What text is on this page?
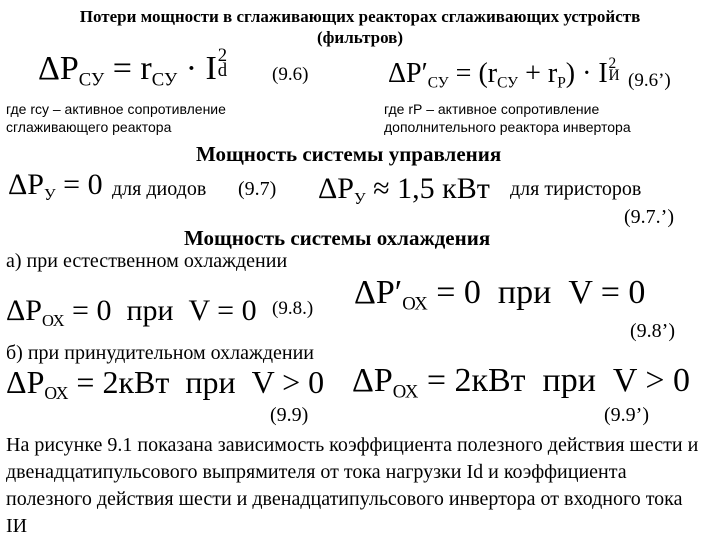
Потери мощности в сглаживающих реакторах сглаживающих устройств
(фильтров)
$\Delta P_{СУ} = r_{СУ} \cdot I$ 2
d
(9.6)	$\Delta P'_{СУ} = (r_{СУ} + r_Р) \cdot I$ 2
И
(9.6’)
где rсу – активное сопротивление
сглаживающего реактора
где rР – активное сопротивление
дополнительного реактора инвертора
Мощность системы управления
$\Delta P_У = 0$ для диодов (9.7) $\Delta P_У \approx 1,5$ кВт для тиристоров
(9.7.’)
Мощность системы охлаждения
а) при естественном охлаждении
$\Delta P_{ОХ} = 0$  при  V = 0 (9.8.) $\Delta P'_{ОХ} = 0$  при  V = 0
(9.8’)
б) при принудительном охлаждении
$\Delta P_{ОХ} = 2кВт$  при  V > 0
(9.9)
$\Delta P_{ОХ} = 2кВт$  при  V > 0
(9.9’)
На рисунке 9.1 показана зависимость коэффициента полезного действия шести и двенадцатипульсового выпрямителя от тока нагрузки Id и коэффициента полезного действия шести и двенадцатипульсового инвертора от входного тока IИ
